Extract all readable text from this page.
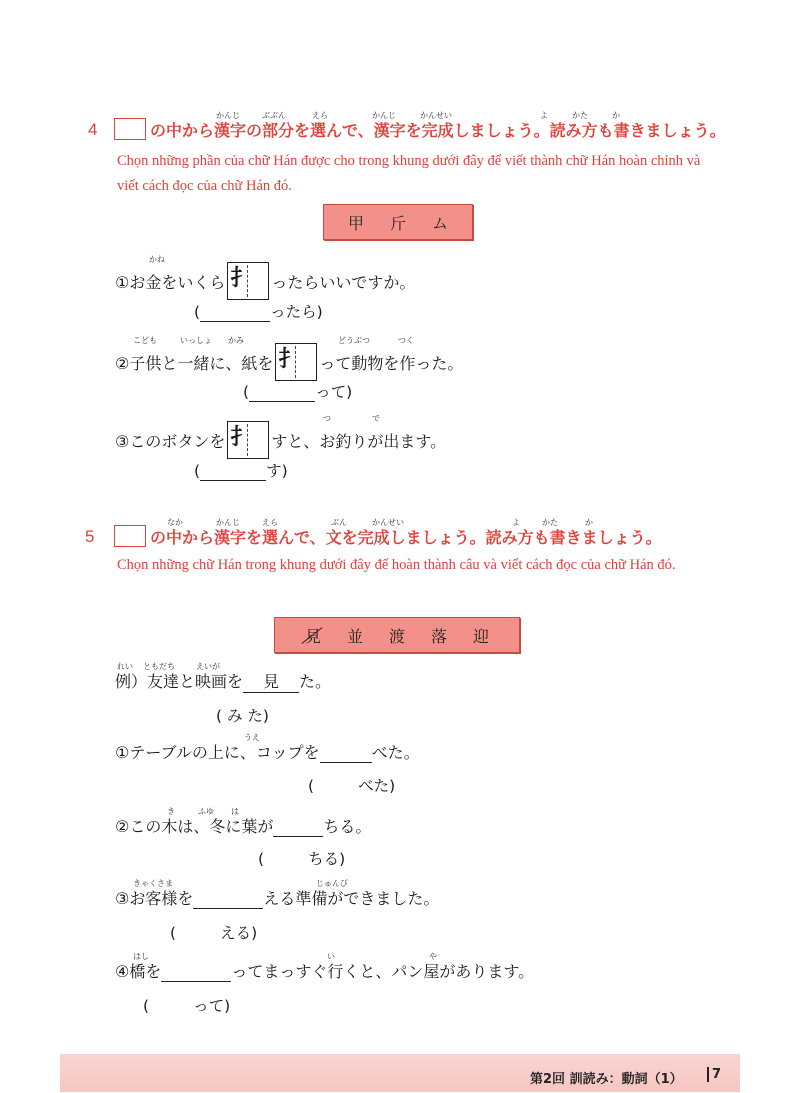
4	の中から漢字の部分を選んで、漢字を完成しましょう。読み方も書きましょう。
かんじ	ぶぶん	えら	かんじ	かんせい	よ	かた	か
Chọn những phần của chữ Hán được cho trong khung dưới đây để viết thành chữ Hán hoàn chỉnh và viết cách đọc của chữ Hán đó.
甲 斤 ム
①お金をいくら 扌 ったらいいですか。
かね
(	ったら)
②子供と一緒に、紙を 扌 って動物を作った。
こども	いっしょ かみ	どうぶつ	つく
(	って)
③このボタンを 扌 すと、お釣りが出ます。
つ	で
(	す)
5	の中から漢字を選んで、文を完成しましょう。読み方も書きましょう。
なか	かんじ	えら	ぶん	かんせい	よ	かた	か
Chọn những chữ Hán trong khung dưới đây để hoàn thành câu và viết cách đọc của chữ Hán đó.
見 並 渡 落 迎
例）友達と映画を 見 た。
れい ともだち	えいが
( み た)
①テーブルの上に、コップを	べた。
うえ
(	べた)
②この木は、冬に葉が	ちる。
き	ふゆ は
(	ちる)
③お客様を	える準備ができました。
きゃくさま	じゅんび
(	える)
④橋を	ってまっすぐ行くと、パン屋があります。
はし	い	や
(	って)
第2回 訓読み：動詞（1）	7
